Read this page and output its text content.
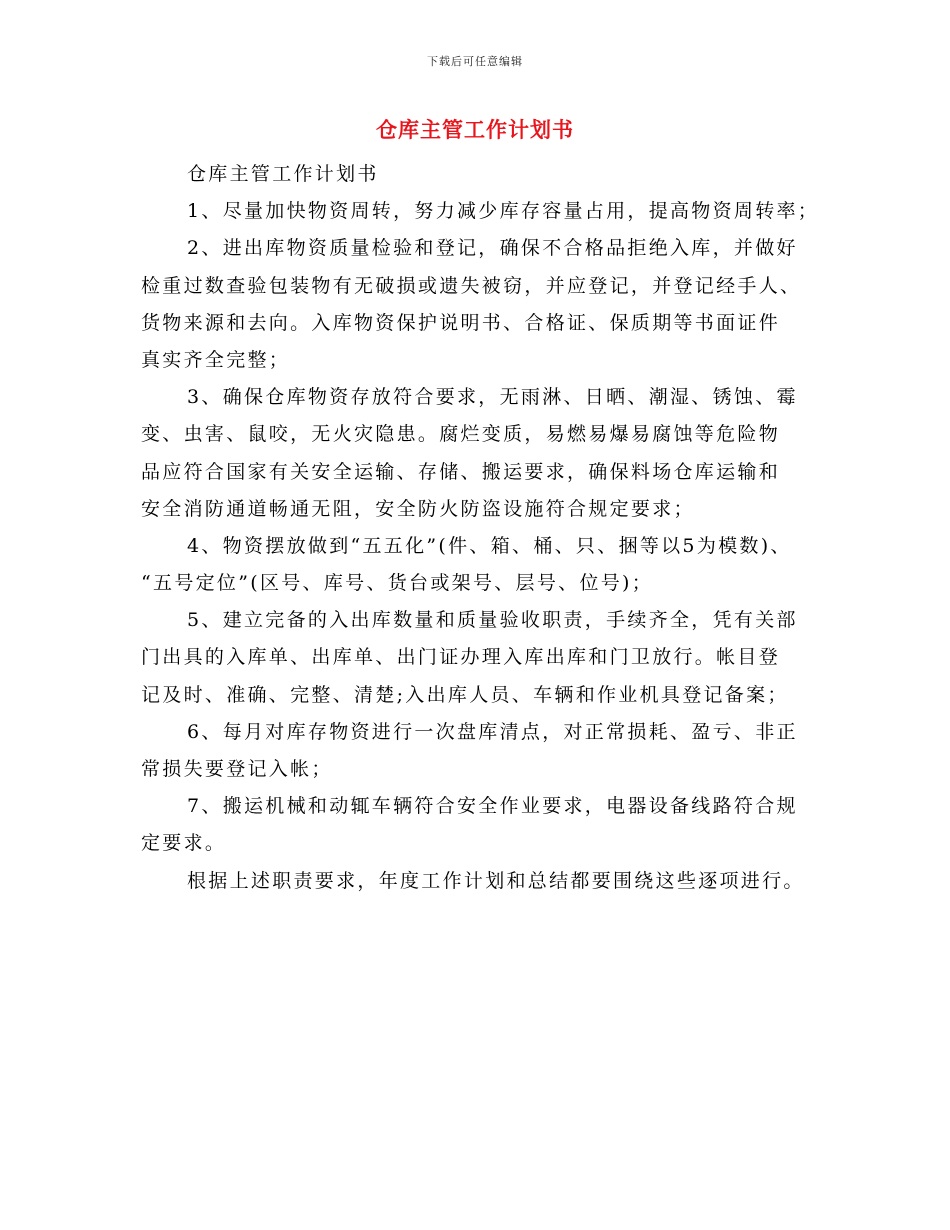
下载后可任意编辑
仓库主管工作计划书

仓库主管工作计划书

1、尽量加快物资周转，努力减少库存容量占用，提高物资周转率；

2、进出库物资质量检验和登记，确保不合格品拒绝入库，并做好
检重过数查验包装物有无破损或遗失被窃，并应登记，并登记经手人、
货物来源和去向。入库物资保护说明书、合格证、保质期等书面证件
真实齐全完整；

3、确保仓库物资存放符合要求，无雨淋、日晒、潮湿、锈蚀、霉
变、虫害、鼠咬，无火灾隐患。腐烂变质，易燃易爆易腐蚀等危险物
品应符合国家有关安全运输、存储、搬运要求，确保料场仓库运输和
安全消防通道畅通无阻，安全防火防盗设施符合规定要求；

4、物资摆放做到“五五化”(件、箱、桶、只、捆等以5为模数)、
“五号定位”(区号、库号、货台或架号、层号、位号)；

5、建立完备的入出库数量和质量验收职责，手续齐全，凭有关部
门出具的入库单、出库单、出门证办理入库出库和门卫放行。帐目登
记及时、准确、完整、清楚;入出库人员、车辆和作业机具登记备案；

6、每月对库存物资进行一次盘库清点，对正常损耗、盈亏、非正
常损失要登记入帐；

7、搬运机械和动辄车辆符合安全作业要求，电器设备线路符合规
定要求。

根据上述职责要求，年度工作计划和总结都要围绕这些逐项进行。
